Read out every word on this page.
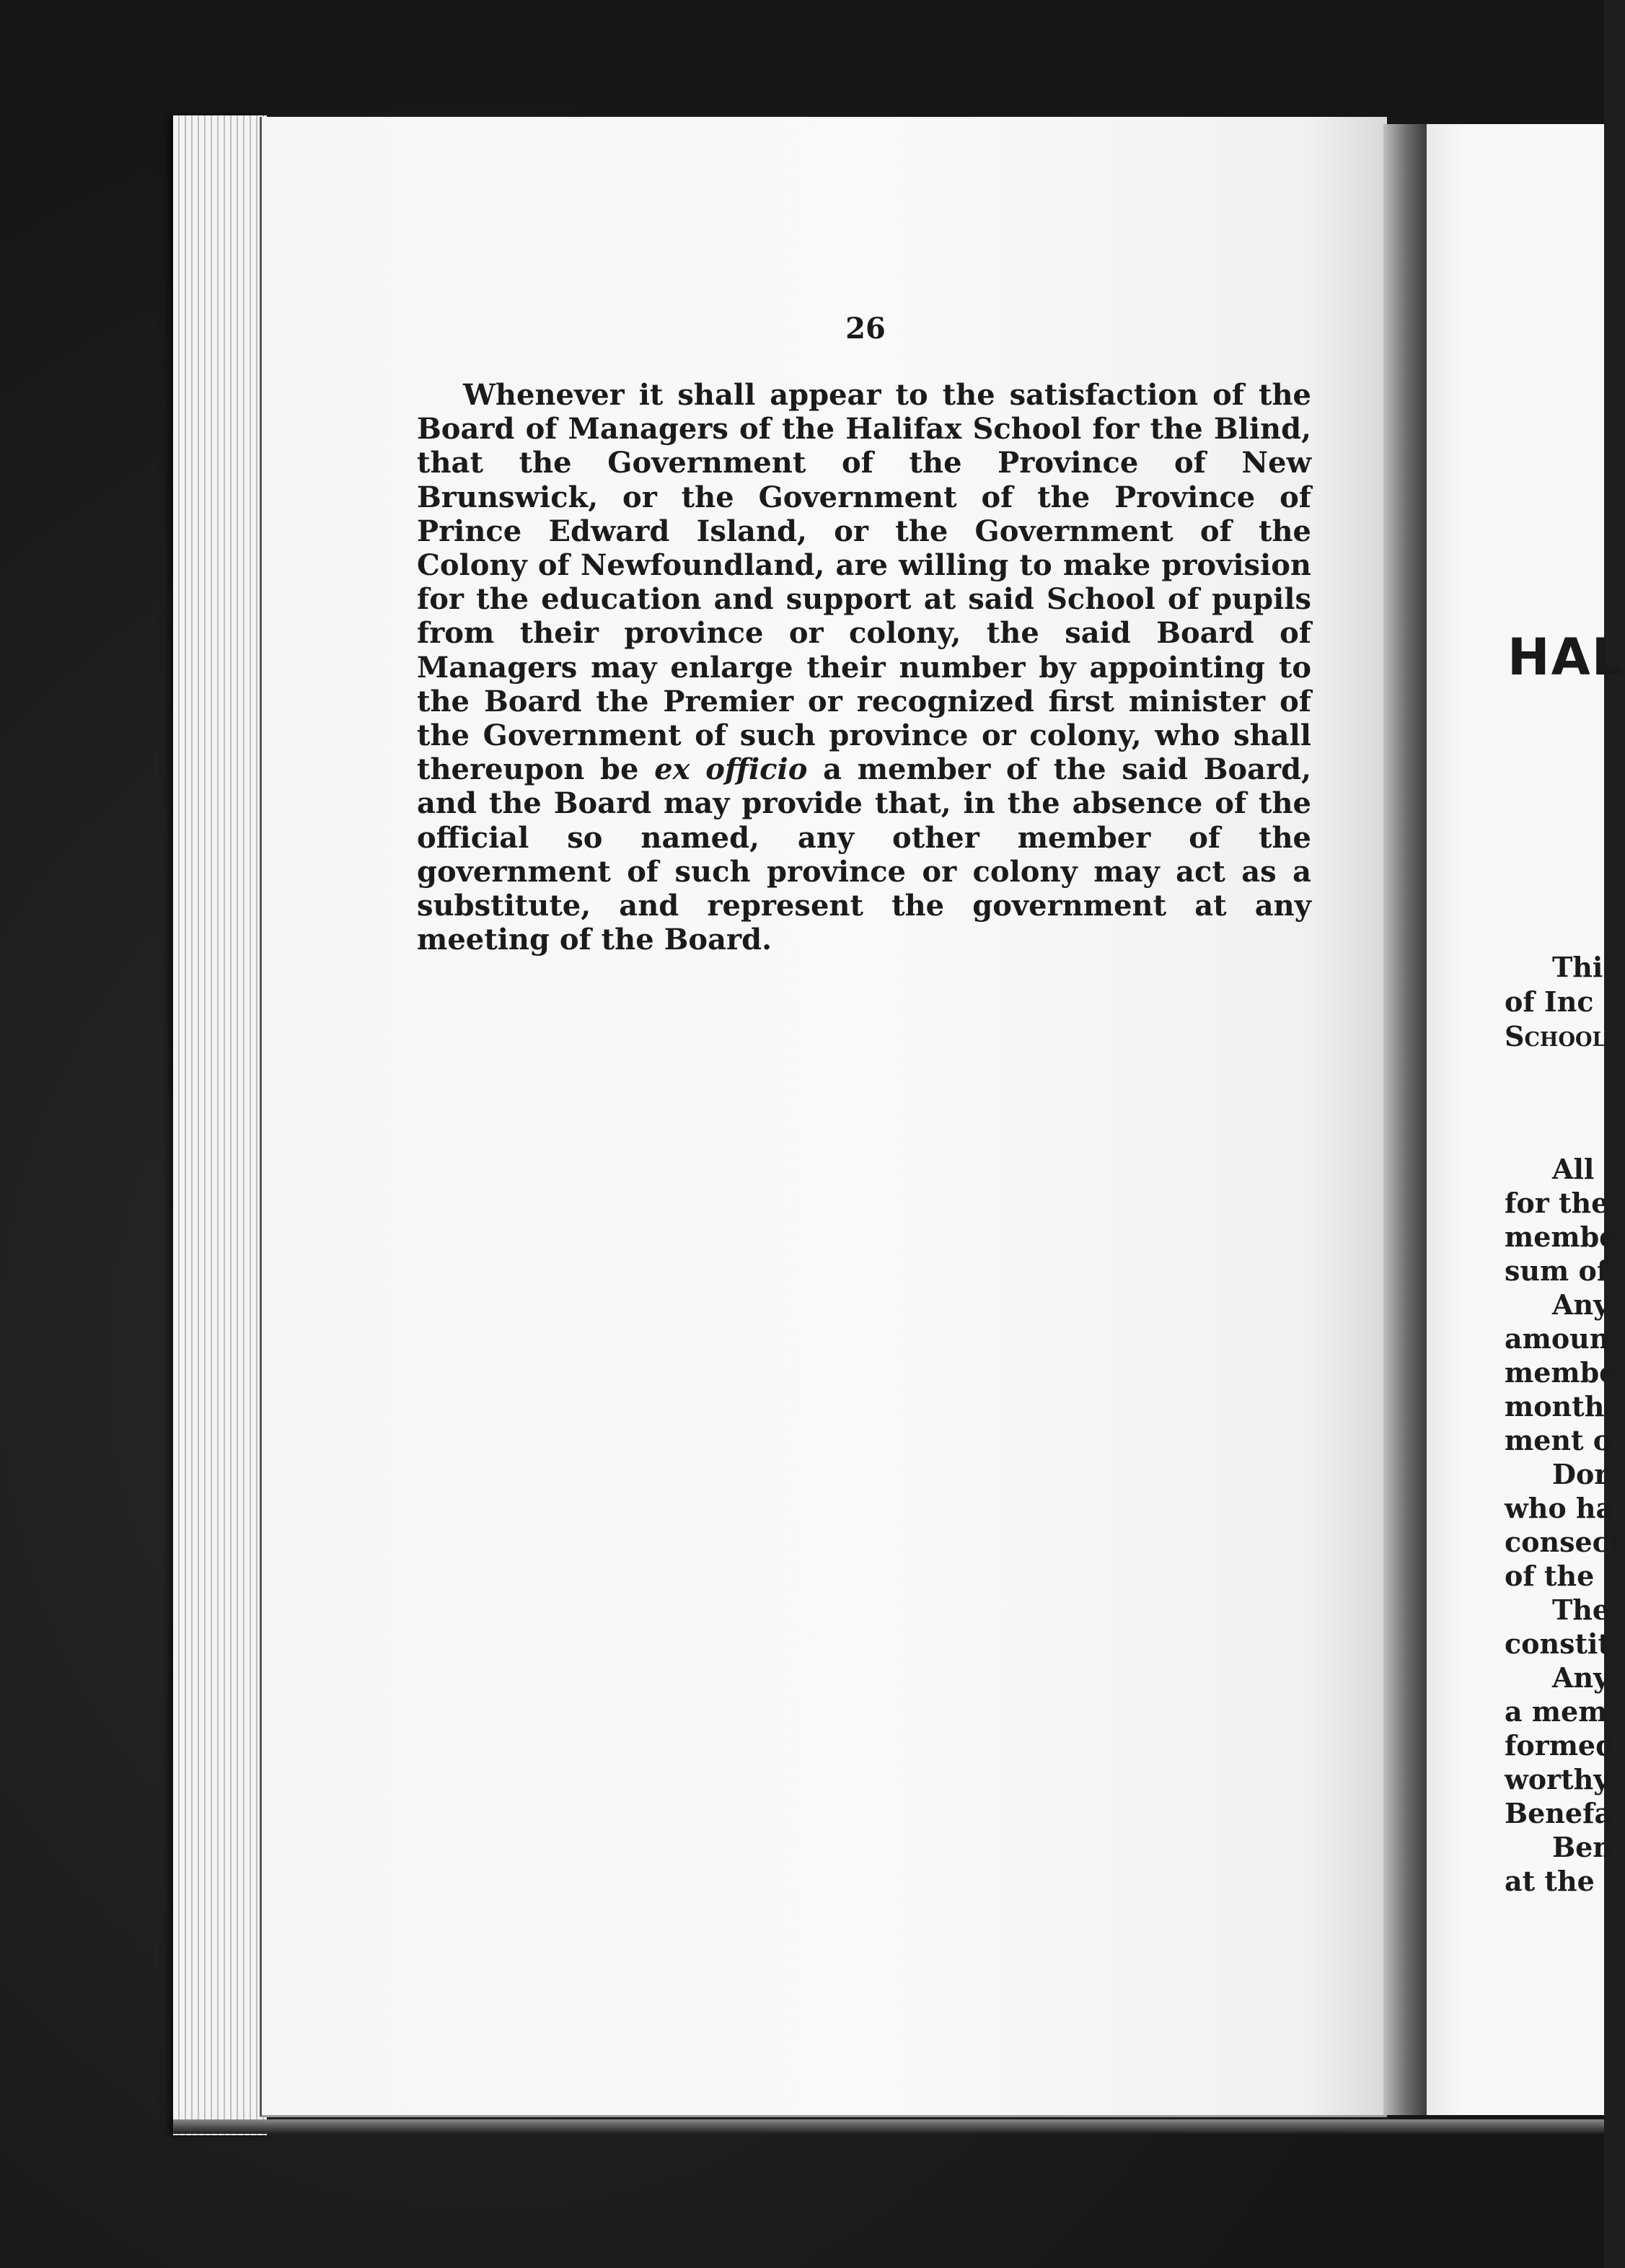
26

Whenever it shall appear to the satisfaction of the Board of Managers of the Halifax School for the Blind, that the Government of the Province of New Brunswick, or the Government of the Province of Prince Edward Island, or the Government of the Colony of Newfoundland, are willing to make provision for the education and support at said School of pupils from their province or colony, the said Board of Managers may enlarge their number by appointing to the Board the Premier or recognized first minister of the Government of such province or colony, who shall thereupon be ex officio a member of the said Board, and the Board may provide that, in the absence of the official so named, any other member of the government of such province or colony may act as a substitute, and represent the government at any meeting of the Board.

HAL
Thi
of Inc
School
All
for the
membe
sum of
Any
amoun
membe
month
ment o
Dor
who ha
consect
of the
The
constit
Any
a mem
formed
worthy
Benefa
Ben
at the
